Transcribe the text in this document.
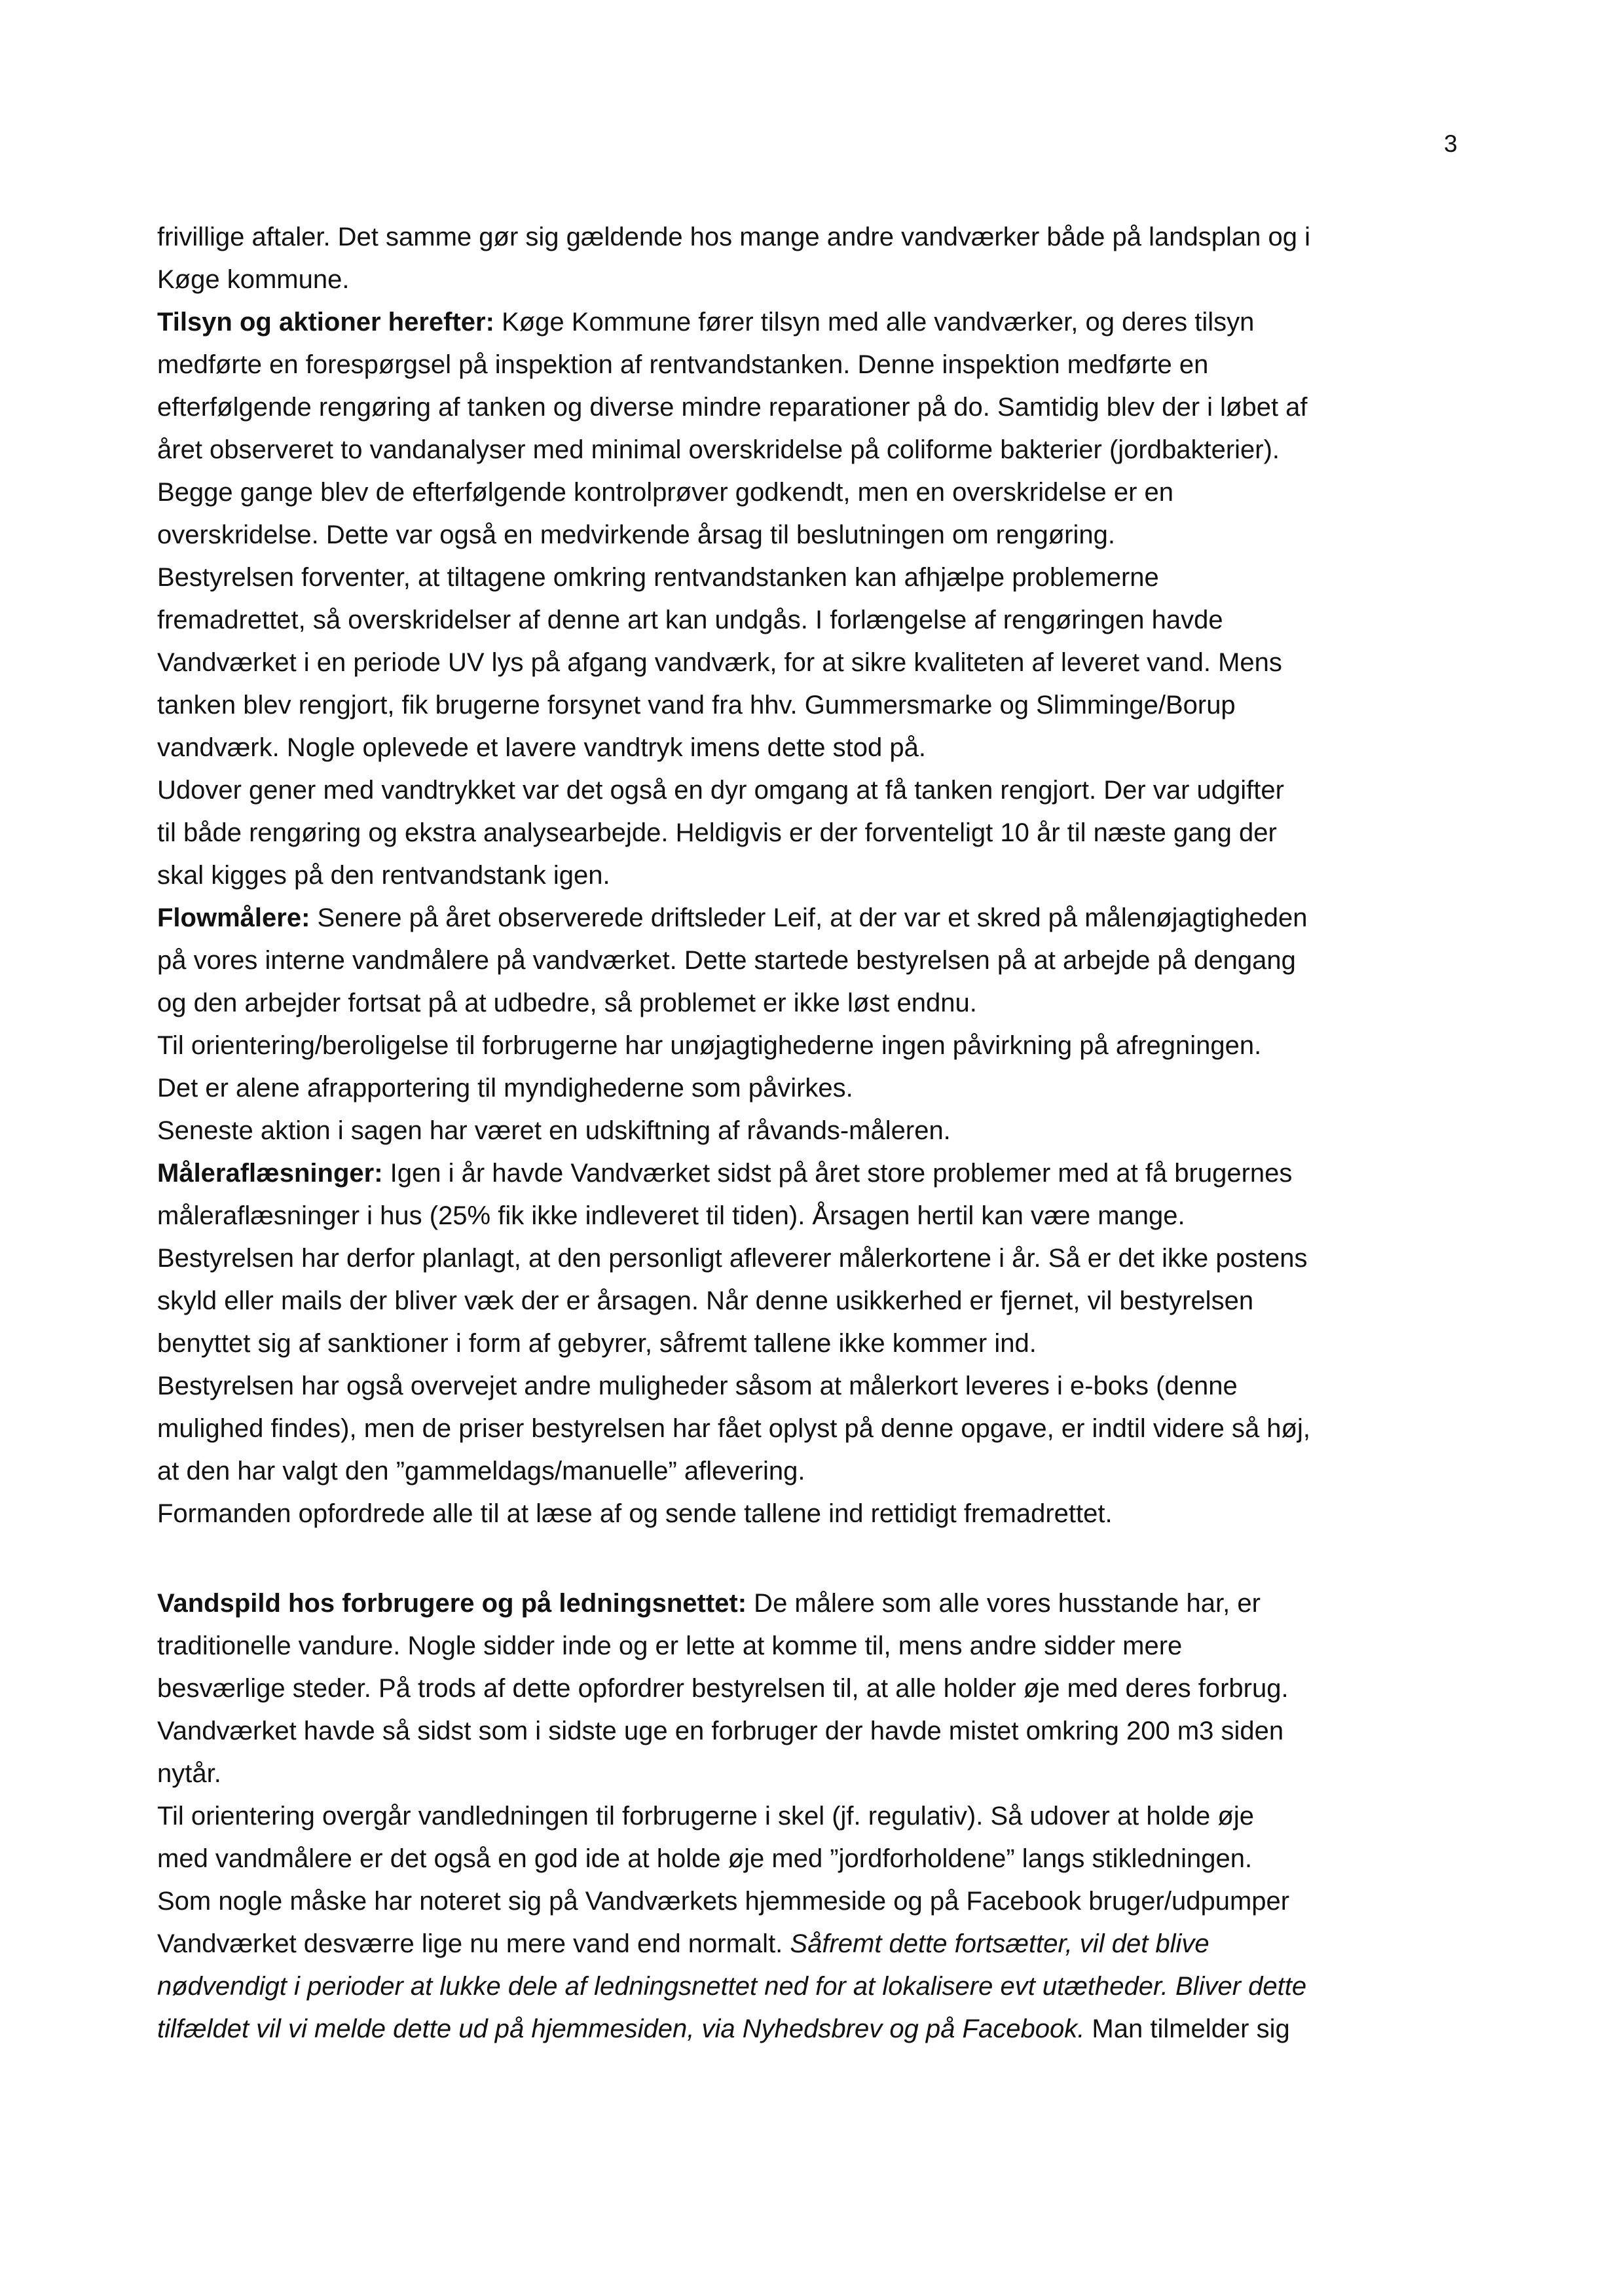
3
frivillige aftaler. Det samme gør sig gældende hos mange andre vandværker både på landsplan og i
Køge kommune.
Tilsyn og aktioner herefter: Køge Kommune fører tilsyn med alle vandværker, og deres tilsyn
medførte en forespørgsel på inspektion af rentvandstanken. Denne inspektion medførte en
efterfølgende rengøring af tanken og diverse mindre reparationer på do. Samtidig blev der i løbet af
året observeret to vandanalyser med minimal overskridelse på coliforme bakterier (jordbakterier).
Begge gange blev de efterfølgende kontrolprøver godkendt, men en overskridelse er en
overskridelse. Dette var også en medvirkende årsag til beslutningen om rengøring.
Bestyrelsen forventer, at tiltagene omkring rentvandstanken kan afhjælpe problemerne
fremadrettet, så overskridelser af denne art kan undgås. I forlængelse af rengøringen havde
Vandværket i en periode UV lys på afgang vandværk, for at sikre kvaliteten af leveret vand. Mens
tanken blev rengjort, fik brugerne forsynet vand fra hhv. Gummersmarke og Slimminge/Borup
vandværk. Nogle oplevede et lavere vandtryk imens dette stod på.
Udover gener med vandtrykket var det også en dyr omgang at få tanken rengjort. Der var udgifter
til både rengøring og ekstra analysearbejde. Heldigvis er der forventeligt 10 år til næste gang der
skal kigges på den rentvandstank igen.
Flowmålere: Senere på året observerede driftsleder Leif, at der var et skred på målenøjagtigheden
på vores interne vandmålere på vandværket. Dette startede bestyrelsen på at arbejde på dengang
og den arbejder fortsat på at udbedre, så problemet er ikke løst endnu.
Til orientering/beroligelse til forbrugerne har unøjagtighederne ingen påvirkning på afregningen.
Det er alene afrapportering til myndighederne som påvirkes.
Seneste aktion i sagen har været en udskiftning af råvands-måleren.
Måleraflæsninger: Igen i år havde Vandværket sidst på året store problemer med at få brugernes
måleraflæsninger i hus (25% fik ikke indleveret til tiden). Årsagen hertil kan være mange.
Bestyrelsen har derfor planlagt, at den personligt afleverer målerkortene i år. Så er det ikke postens
skyld eller mails der bliver væk der er årsagen. Når denne usikkerhed er fjernet, vil bestyrelsen
benyttet sig af sanktioner i form af gebyrer, såfremt tallene ikke kommer ind.
Bestyrelsen har også overvejet andre muligheder såsom at målerkort leveres i e-boks (denne
mulighed findes), men de priser bestyrelsen har fået oplyst på denne opgave, er indtil videre så høj,
at den har valgt den ”gammeldags/manuelle” aflevering.
Formanden opfordrede alle til at læse af og sende tallene ind rettidigt fremadrettet.
Vandspild hos forbrugere og på ledningsnettet: De målere som alle vores husstande har, er
traditionelle vandure. Nogle sidder inde og er lette at komme til, mens andre sidder mere
besværlige steder. På trods af dette opfordrer bestyrelsen til, at alle holder øje med deres forbrug.
Vandværket havde så sidst som i sidste uge en forbruger der havde mistet omkring 200 m3 siden
nytår.
Til orientering overgår vandledningen til forbrugerne i skel (jf. regulativ). Så udover at holde øje
med vandmålere er det også en god ide at holde øje med ”jordforholdene” langs stikledningen.
Som nogle måske har noteret sig på Vandværkets hjemmeside og på Facebook bruger/udpumper
Vandværket desværre lige nu mere vand end normalt. Såfremt dette fortsætter, vil det blive
nødvendigt i perioder at lukke dele af ledningsnettet ned for at lokalisere evt utætheder. Bliver dette
tilfældet vil vi melde dette ud på hjemmesiden, via Nyhedsbrev og på Facebook. Man tilmelder sig
